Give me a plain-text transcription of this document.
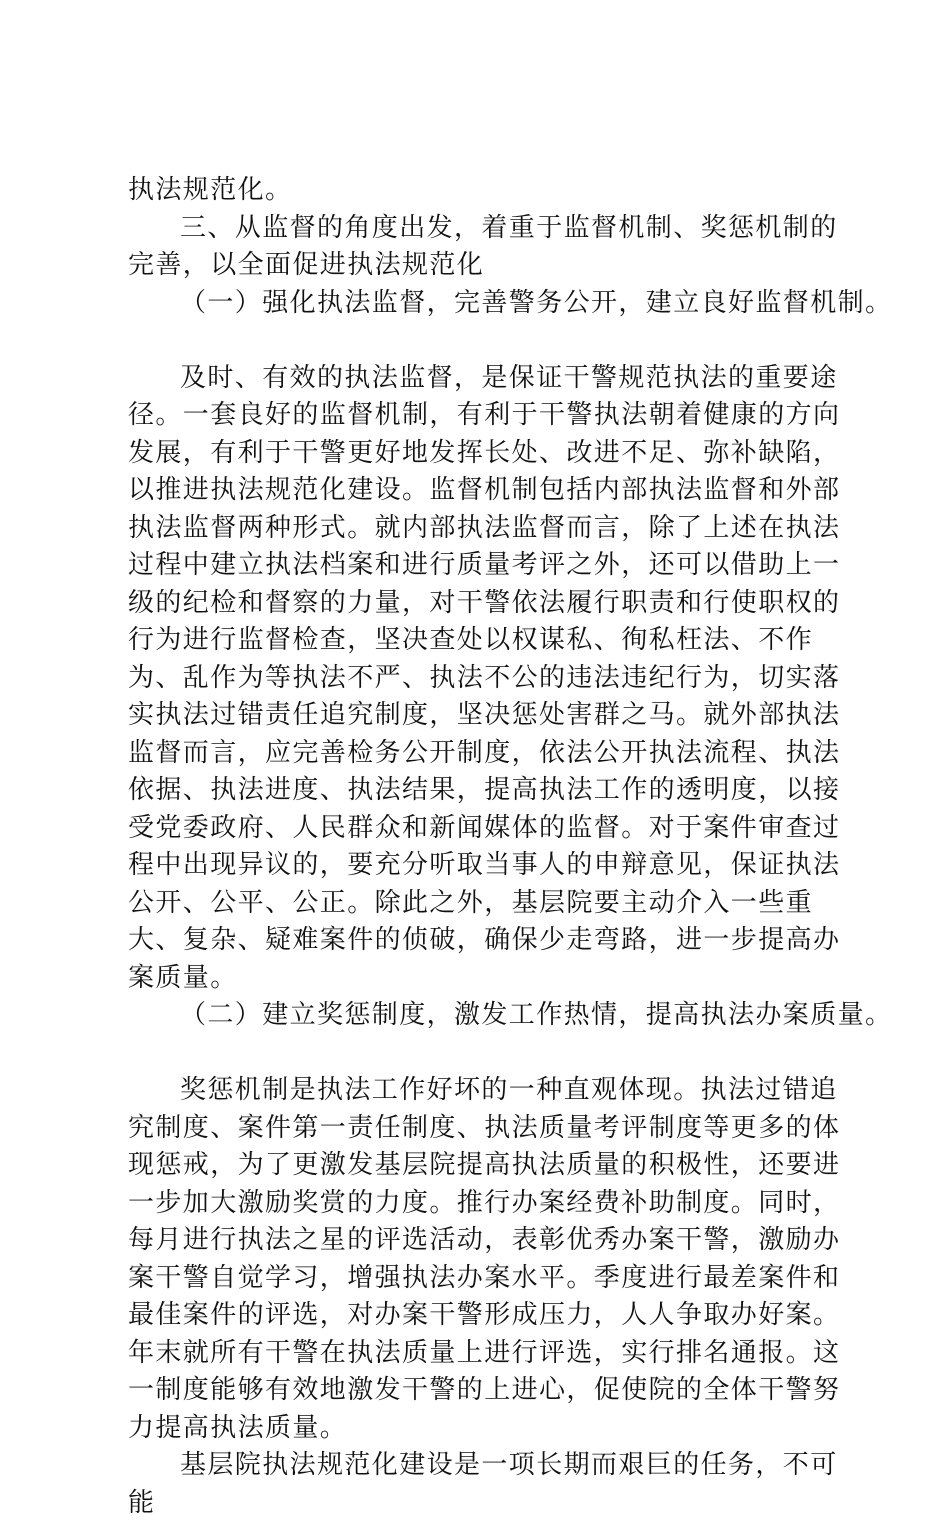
执法规范化。

三、从监督的角度出发，着重于监督机制、奖惩机制的完善，以全面促进执法规范化

（一）强化执法监督，完善警务公开，建立良好监督机制。

及时、有效的执法监督，是保证干警规范执法的重要途径。一套良好的监督机制，有利于干警执法朝着健康的方向发展，有利于干警更好地发挥长处、改进不足、弥补缺陷，以推进执法规范化建设。监督机制包括内部执法监督和外部执法监督两种形式。就内部执法监督而言，除了上述在执法过程中建立执法档案和进行质量考评之外，还可以借助上一级的纪检和督察的力量，对干警依法履行职责和行使职权的行为进行监督检查，坚决查处以权谋私、徇私枉法、不作为、乱作为等执法不严、执法不公的违法违纪行为，切实落实执法过错责任追究制度，坚决惩处害群之马。就外部执法监督而言，应完善检务公开制度，依法公开执法流程、执法依据、执法进度、执法结果，提高执法工作的透明度，以接受党委政府、人民群众和新闻媒体的监督。对于案件审查过程中出现异议的，要充分听取当事人的申辩意见，保证执法公开、公平、公正。除此之外，基层院要主动介入一些重大、复杂、疑难案件的侦破，确保少走弯路，进一步提高办案质量。

（二）建立奖惩制度，激发工作热情，提高执法办案质量。

奖惩机制是执法工作好坏的一种直观体现。执法过错追究制度、案件第一责任制度、执法质量考评制度等更多的体现惩戒，为了更激发基层院提高执法质量的积极性，还要进一步加大激励奖赏的力度。推行办案经费补助制度。同时，每月进行执法之星的评选活动，表彰优秀办案干警，激励办案干警自觉学习，增强执法办案水平。季度进行最差案件和最佳案件的评选，对办案干警形成压力，人人争取办好案。年末就所有干警在执法质量上进行评选，实行排名通报。这一制度能够有效地激发干警的上进心，促使院的全体干警努力提高执法质量。

基层院执法规范化建设是一项长期而艰巨的任务，不可能
